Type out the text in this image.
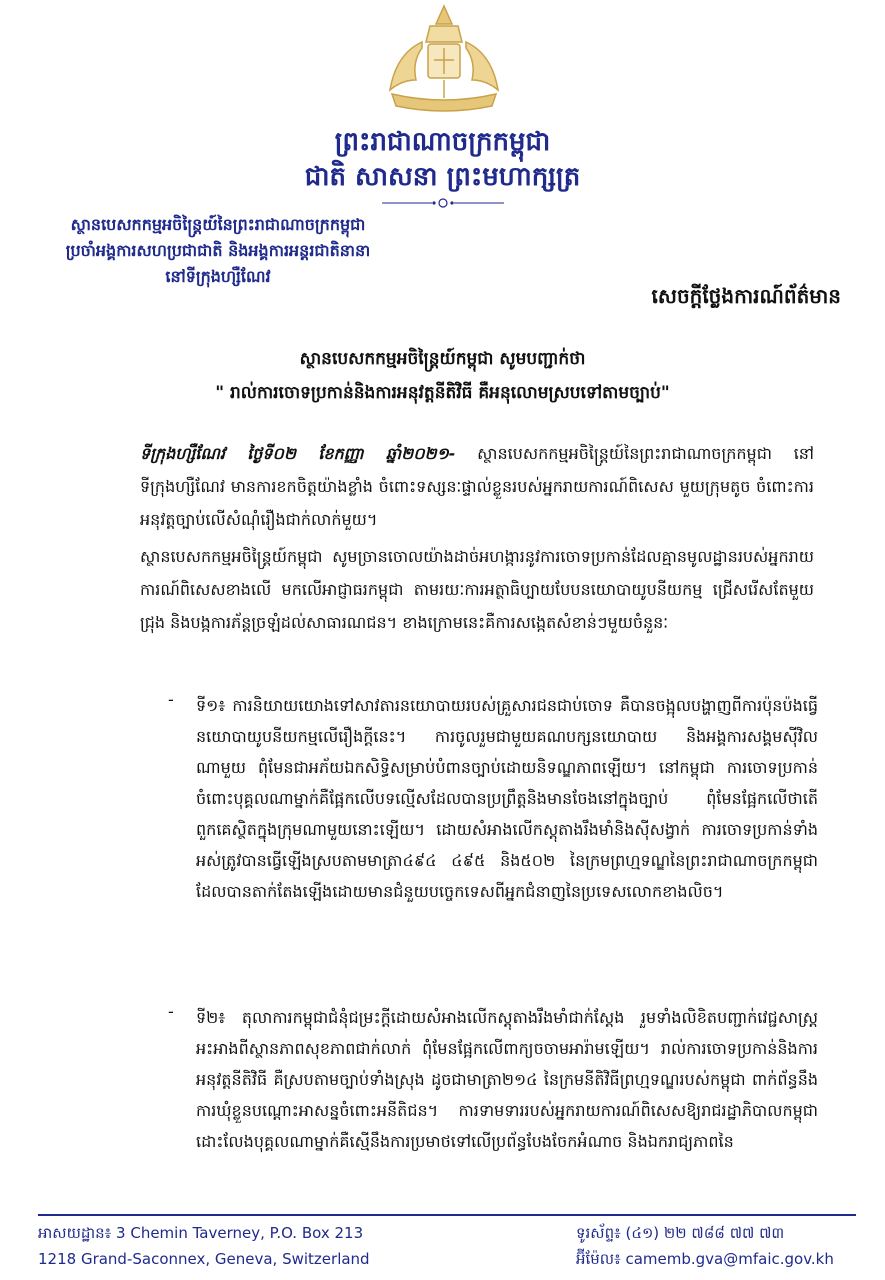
ព្រះរាជាណាចក្រកម្ពុជា
ជាតិ សាសនា ព្រះមហាក្សត្រ
ស្ថានបេសកកម្មអចិន្ត្រៃយ៍នៃព្រះរាជាណាចក្រកម្ពុជា
ប្រចាំអង្គការសហប្រជាជាតិ និងអង្គការអន្តរជាតិនានា
នៅទីក្រុងហ្សឺណែវ
សេចក្តីថ្លែងការណ៍ព័ត៌មាន
ស្ថានបេសកកម្មអចិន្ត្រៃយ៍កម្ពុជា សូមបញ្ជាក់ថា
" រាល់ការចោទប្រកាន់និងការអនុវត្តនីតិវិធី គឺអនុលោមស្របទៅតាមច្បាប់"
ទីក្រុងហ្សឺណែវ ថ្ងៃទី០២ ខែកញ្ញា ឆ្នាំ២០២១- ស្ថានបេសកកម្មអចិន្ត្រៃយ៍នៃព្រះរាជាណាចក្រកម្ពុជា នៅទីក្រុងហ្សឺណែវ មានការខកចិត្តយ៉ាងខ្លាំង ចំពោះទស្សនៈផ្ទាល់ខ្លួនរបស់អ្នករាយការណ៍ពិសេស មួយក្រុមតូច ចំពោះការអនុវត្តច្បាប់លើសំណុំរឿងជាក់លាក់មួយ។
ស្ថានបេសកកម្មអចិន្ត្រៃយ៍កម្ពុជា សូមច្រានចោលយ៉ាងដាច់អហង្ការនូវការចោទប្រកាន់ដែលគ្មានមូលដ្ឋានរបស់អ្នករាយការណ៍ពិសេសខាងលើ មកលើអាជ្ញាធរកម្ពុជា តាមរយៈការអត្ថាធិប្បាយបែបនយោបាយូបនីយកម្ម ជ្រើសរើសតែមួយជ្រុង និងបង្កការភ័ន្តច្រឡំដល់សាធារណជន។ ខាងក្រោមនេះគឺការសង្កេតសំខាន់ៗមួយចំនួនៈ
- ទី១៖ ការនិយាយយោងទៅសាវតារនយោបាយរបស់គ្រួសារជនជាប់ចោទ គឺបានចង្អុលបង្ហាញពីការប៉ុនប៉ងធ្វើនយោបាយូបនីយកម្មលើរឿងក្តីនេះ។ ការចូលរួមជាមួយគណបក្សនយោបាយ និងអង្គការសង្គមស៊ីវិលណាមួយ ពុំមែនជាអភ័យឯកសិទ្ធិសម្រាប់បំពានច្បាប់ដោយនិទណ្ឌភាពឡើយ។ នៅកម្ពុជា ការចោទប្រកាន់ចំពោះបុគ្គលណាម្នាក់គឺផ្អែកលើបទល្មើសដែលបានប្រព្រឹត្តនិងមានចែងនៅក្នុងច្បាប់ ពុំមែនផ្អែកលើថាតើពួកគេស្ថិតក្នុងក្រុមណាមួយនោះឡើយ។ ដោយសំអាងលើកស្តុតាងរឹងមាំនិងស៊ីសង្វាក់ ការចោទប្រកាន់ទាំងអស់ត្រូវបានធ្វើឡើងស្របតាមមាត្រា៤៩៤ ៤៩៥ និង៥០២ នៃក្រមព្រហ្មទណ្ឌនៃព្រះរាជាណាចក្រកម្ពុជា ដែលបានតាក់តែងឡើងដោយមានជំនួយបច្ចេកទេសពីអ្នកជំនាញនៃប្រទេសលោកខាងលិច។
- ទី២៖ តុលាការកម្ពុជាជំនុំជម្រះក្តីដោយសំអាងលើកស្តុតាងរឹងមាំជាក់ស្តែង រួមទាំងលិខិតបញ្ជាក់វេជ្ជសាស្ត្រ អះអាងពីស្ថានភាពសុខភាពជាក់លាក់ ពុំមែនផ្អែកលើពាក្យចចាមអារ៉ាមឡើយ។ រាល់ការចោទប្រកាន់និងការអនុវត្តនីតិវិធី គឺស្របតាមច្បាប់ទាំងស្រុង ដូចជាមាត្រា២១៤ នៃក្រមនីតិវិធីព្រហ្មទណ្ឌរបស់កម្ពុជា ពាក់ព័ន្ធនឹងការឃុំខ្លួនបណ្តោះអាសន្នចំពោះអនីតិជន។ ការទាមទាររបស់អ្នករាយការណ៍ពិសេសឱ្យរាជរដ្ឋាភិបាលកម្ពុជា ដោះលែងបុគ្គលណាម្នាក់គឺស្មើនឹងការប្រមាថទៅលើប្រព័ន្ធបែងចែកអំណាច និងឯករាជ្យភាពនៃ
អាសយដ្ឋាន៖ 3 Chemin Taverney, P.O. Box 213
1218 Grand-Saconnex, Geneva, Switzerland
ទូរស័ព្ទ៖ (៤១) ២២ ៧៨៨ ៧៧ ៧៣
អ៊ីម៉ែល៖ camemb.gva@mfaic.gov.kh
